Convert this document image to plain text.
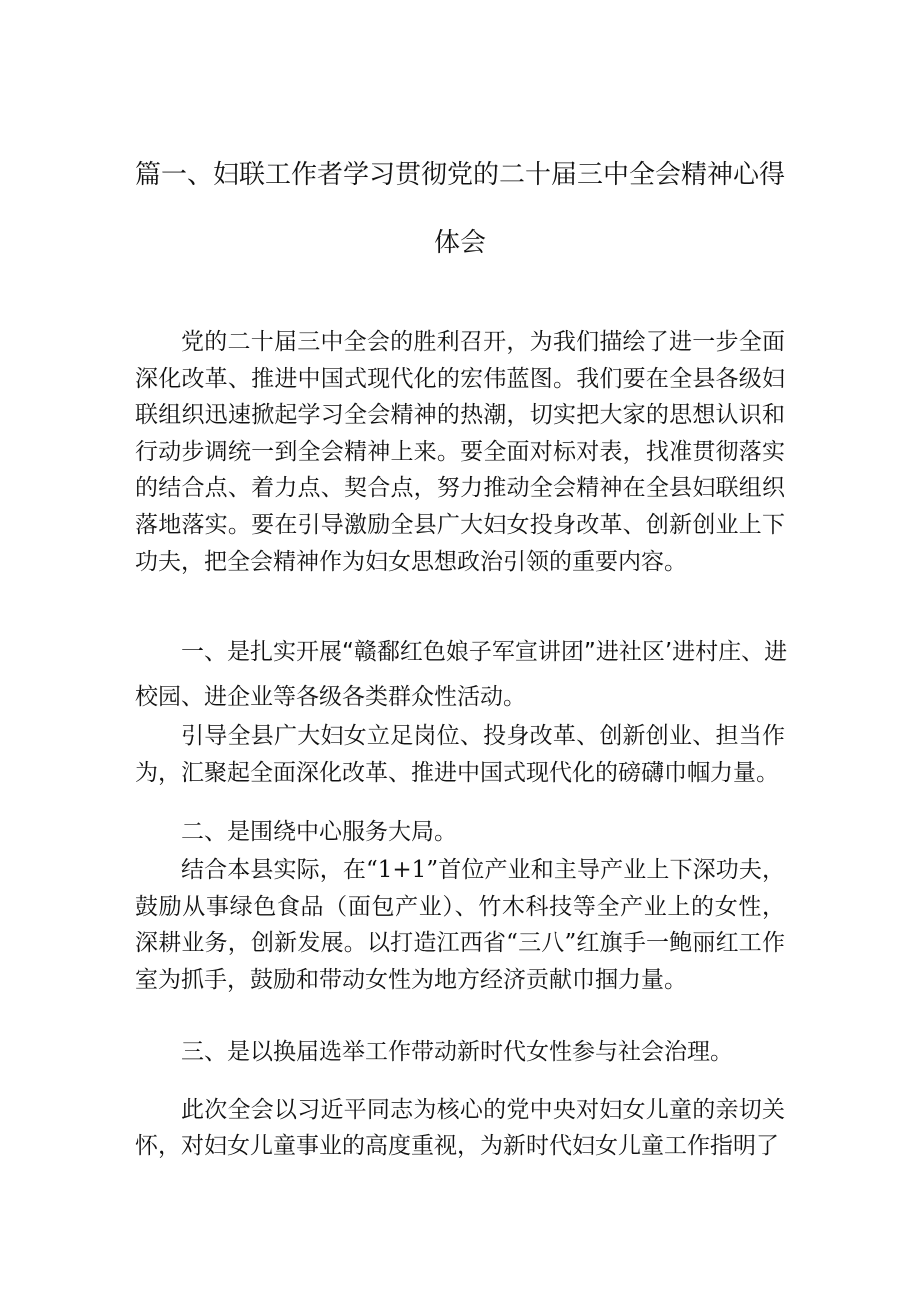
篇一、妇联工作者学习贯彻党的二十届三中全会精神心得
体会

党的二十届三中全会的胜利召开，为我们描绘了进一步全面深化改革、推进中国式现代化的宏伟蓝图。我们要在全县各级妇联组织迅速掀起学习全会精神的热潮，切实把大家的思想认识和行动步调统一到全会精神上来。要全面对标对表，找准贯彻落实的结合点、着力点、契合点，努力推动全会精神在全县妇联组织落地落实。要在引导激励全县广大妇女投身改革、创新创业上下功夫，把全会精神作为妇女思想政治引领的重要内容。

一、是扎实开展“赣鄱红色娘子军宣讲团”进社区’进村庄、进校园、进企业等各级各类群众性活动。

引导全县广大妇女立足岗位、投身改革、创新创业、担当作为，汇聚起全面深化改革、推进中国式现代化的磅礴巾帼力量。

二、是围绕中心服务大局。

结合本县实际，在“1+1”首位产业和主导产业上下深功夫，鼓励从事绿色食品（面包产业）、竹木科技等全产业上的女性，深耕业务，创新发展。以打造江西省“三八”红旗手一鲍丽红工作室为抓手，鼓励和带动女性为地方经济贡献巾掴力量。

三、是以换届选举工作带动新时代女性参与社会治理。

此次全会以习近平同志为核心的党中央对妇女儿童的亲切关怀，对妇女儿童事业的高度重视，为新时代妇女儿童工作指明了
